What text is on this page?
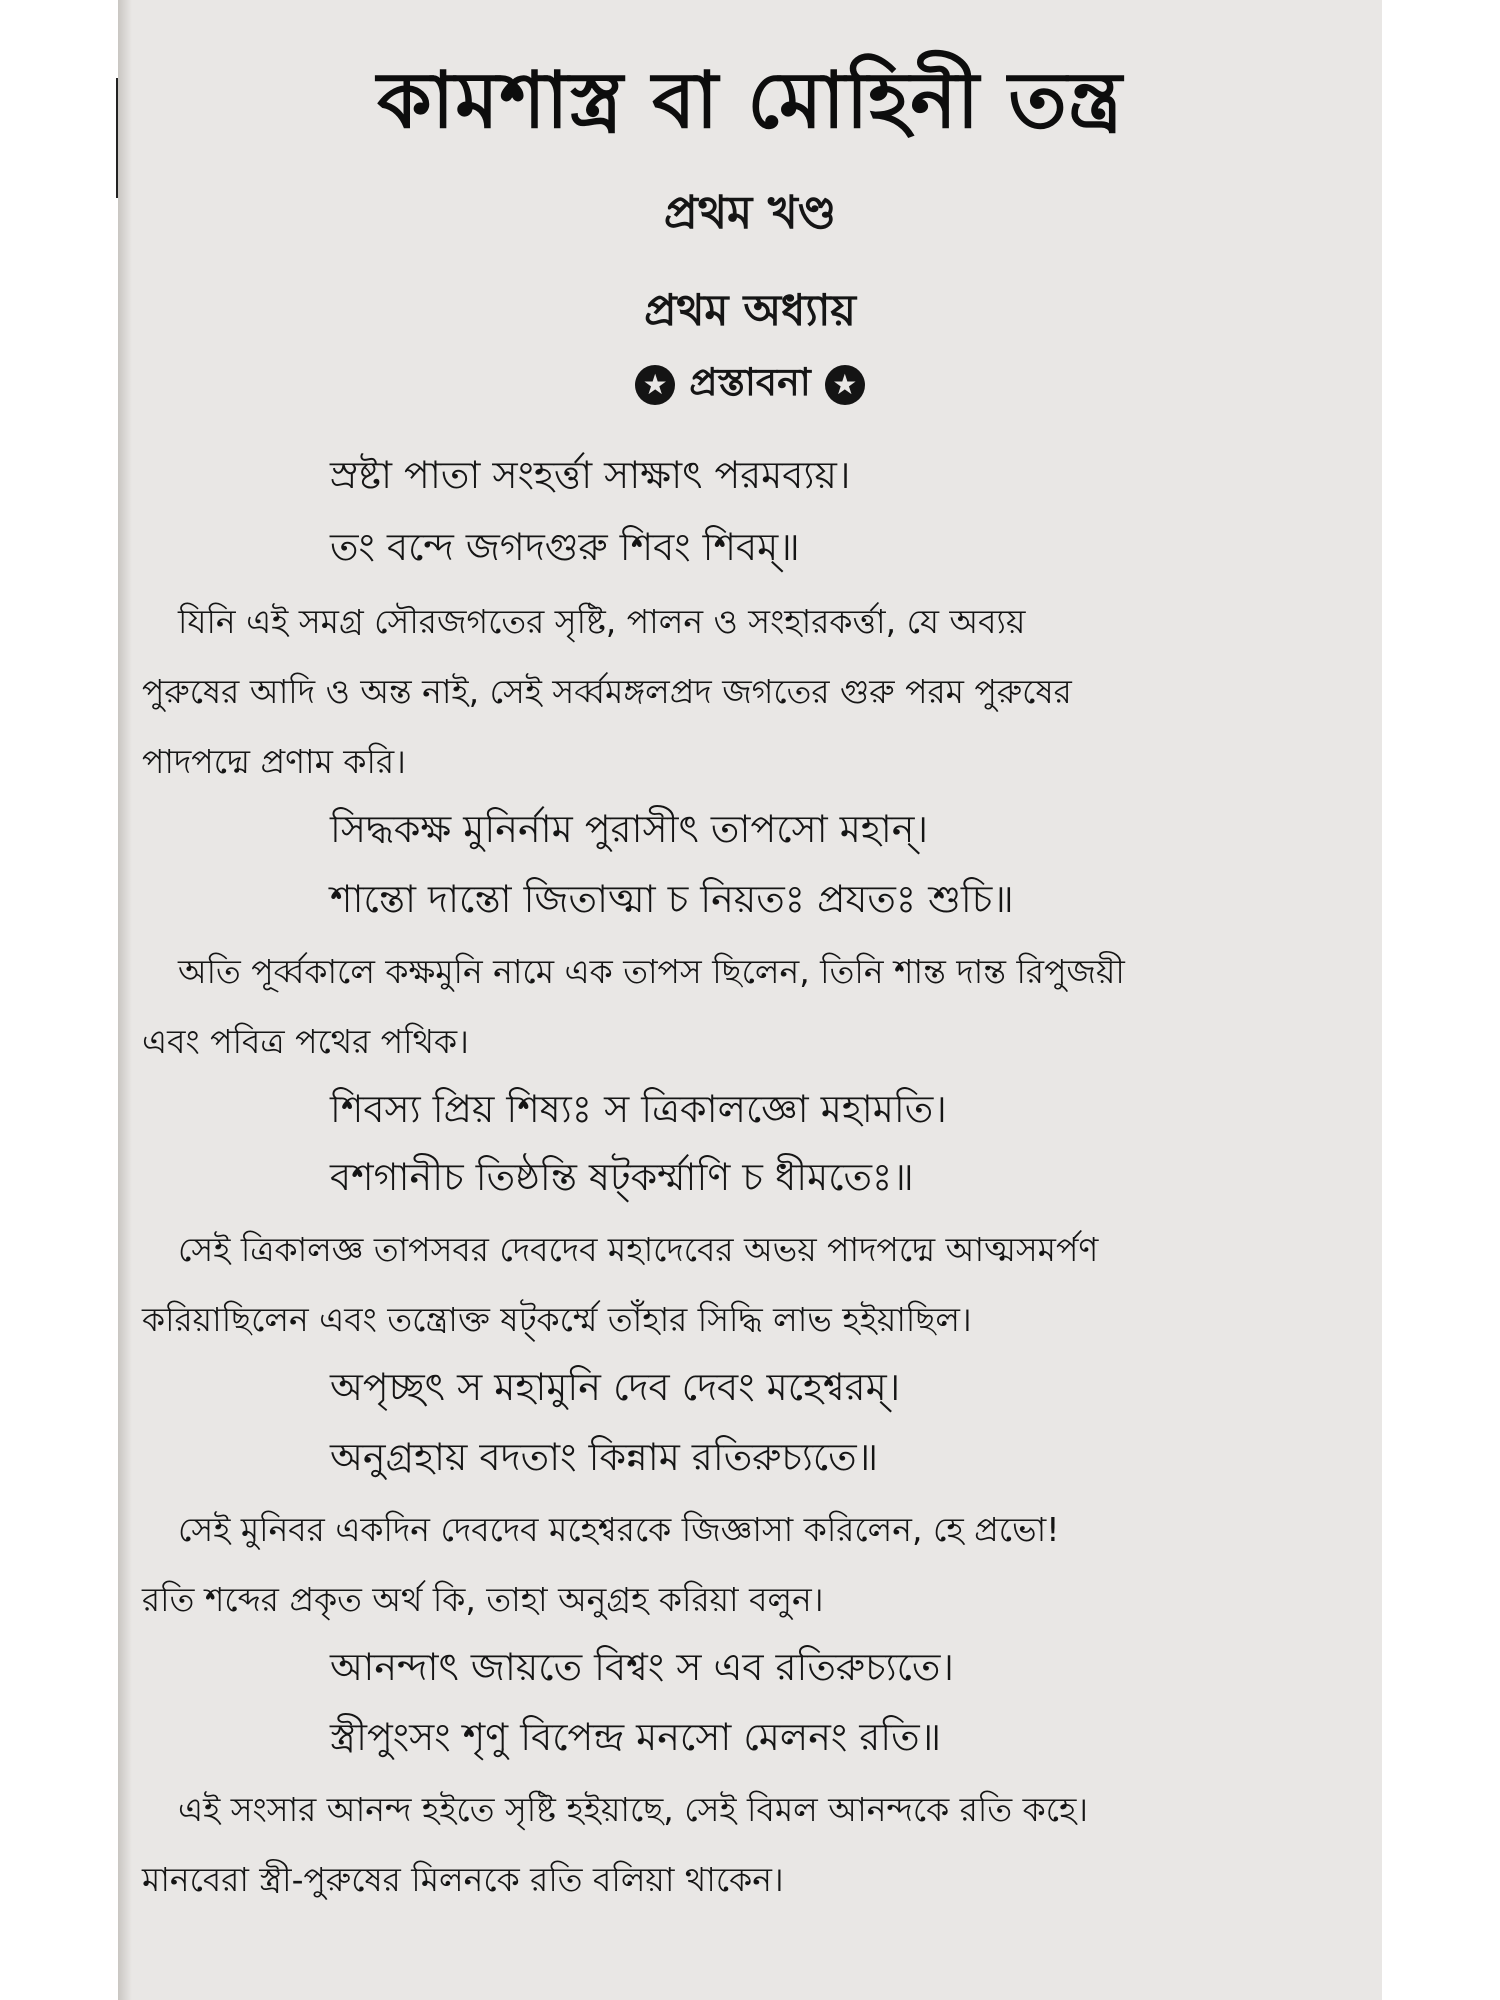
কামশাস্ত্র বা মোহিনী তন্ত্র
প্রথম খণ্ড
প্রথম অধ্যায়
★ প্রস্তাবনা ★

স্রষ্টা পাতা সংহর্ত্তা সাক্ষাৎ পরমব্যয়।

তং বন্দে জগদগুরু শিবং শিবম্॥

যিনি এই সমগ্র সৌরজগতের সৃষ্টি, পালন ও সংহারকর্ত্তা, যে অব্যয়

পুরুষের আদি ও অন্ত নাই, সেই সর্ব্বমঙ্গলপ্রদ জগতের গুরু পরম পুরুষের

পাদপদ্মে প্রণাম করি।

সিদ্ধকক্ষ মুনির্নাম পুরাসীৎ তাপসো মহান্।

শান্তো দান্তো জিতাত্মা চ নিয়তঃ প্রযতঃ শুচি॥

অতি পূর্ব্বকালে কক্ষমুনি নামে এক তাপস ছিলেন, তিনি শান্ত দান্ত রিপুজয়ী

এবং পবিত্র পথের পথিক।

শিবস্য প্রিয় শিষ্যঃ স ত্রিকালজ্ঞো মহামতি।

বশগানীচ তিষ্ঠন্তি ষট্‌কর্ম্মাণি চ ধীমতেঃ॥

সেই ত্রিকালজ্ঞ তাপসবর দেবদেব মহাদেবের অভয় পাদপদ্মে আত্মসমর্পণ

করিয়াছিলেন এবং তন্ত্রোক্ত ষট্‌কর্ম্মে তাঁহার সিদ্ধি লাভ হইয়াছিল।

অপৃচ্ছৎ স মহামুনি দেব দেবং মহেশ্বরম্।

অনুগ্রহায় বদতাং কিন্নাম রতিরুচ্যতে॥

সেই মুনিবর একদিন দেবদেব মহেশ্বরকে জিজ্ঞাসা করিলেন, হে প্রভো!

রতি শব্দের প্রকৃত অর্থ কি, তাহা অনুগ্রহ করিয়া বলুন।

আনন্দাৎ জায়তে বিশ্বং স এব রতিরুচ্যতে।

স্ত্রীপুংসং শৃণু বিপেন্দ্র মনসো মেলনং রতি॥

এই সংসার আনন্দ হইতে সৃষ্টি হইয়াছে, সেই বিমল আনন্দকে রতি কহে।

মানবেরা স্ত্রী-পুরুষের মিলনকে রতি বলিয়া থাকেন।
